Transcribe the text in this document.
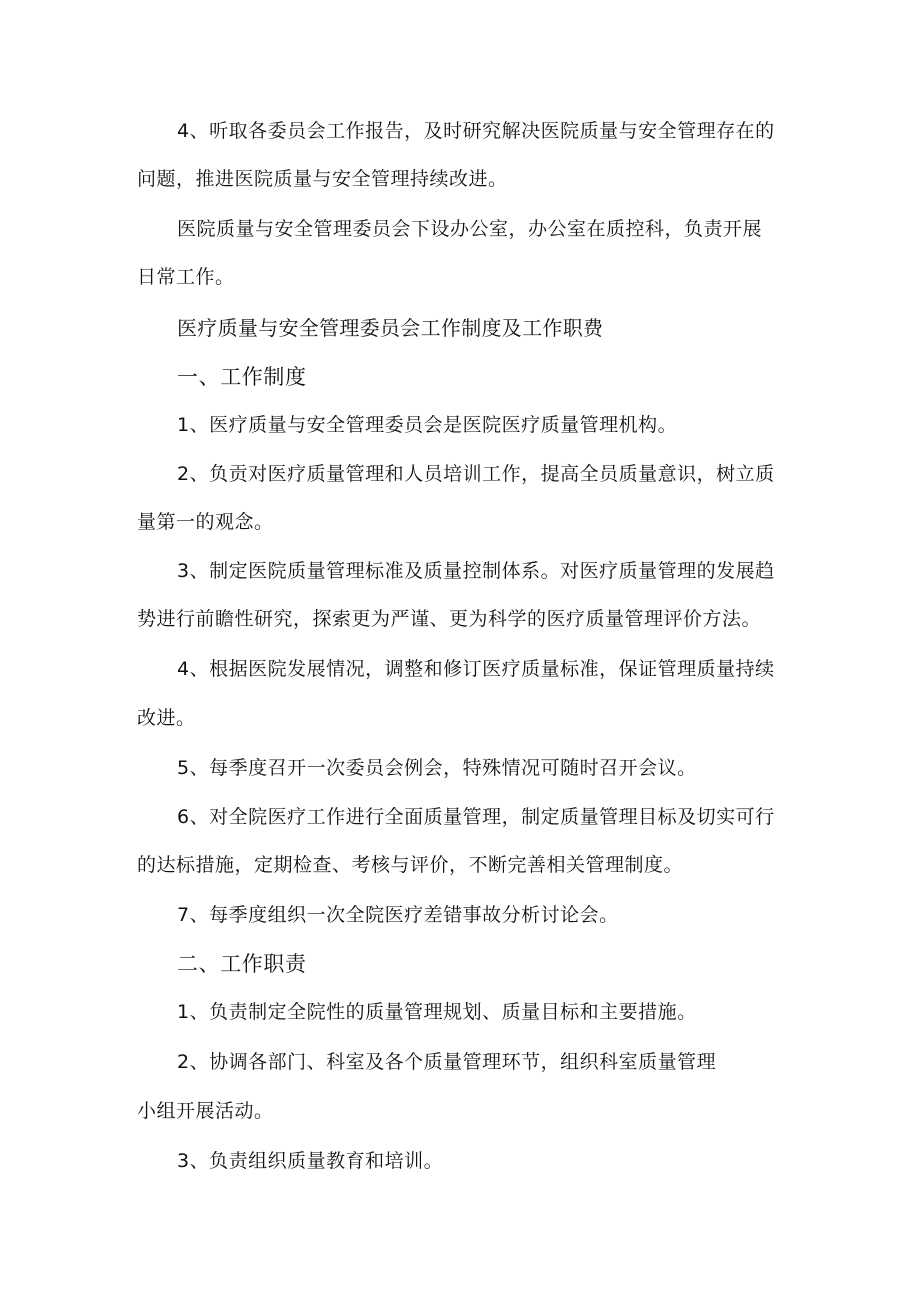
4、听取各委员会工作报告，及时研究解决医院质量与安全管理存在的
问题，推进医院质量与安全管理持续改进。
医院质量与安全管理委员会下设办公室，办公室在质控科，负责开展
日常工作。
医疗质量与安全管理委员会工作制度及工作职费
一、工作制度
1、医疗质量与安全管理委员会是医院医疗质量管理机构。
2、负贡对医疗质量管理和人员培训工作，提高全员质量意识，树立质
量第一的观念。
3、制定医院质量管理标准及质量控制体系。对医疗质量管理的发展趋
势进行前瞻性研究，探索更为严谨、更为科学的医疗质量管理评价方法。
4、根据医院发展情况，调整和修订医疗质量标准，保证管理质量持续
改进。
5、每季度召开一次委员会例会，特殊情况可随时召开会议。
6、对全院医疗工作进行全面质量管理，制定质量管理目标及切实可行
的达标措施，定期检查、考核与评价，不断完善相关管理制度。
7、每季度组织一次全院医疗差错事故分析讨论会。
二、工作职责
1、负责制定全院性的质量管理规划、质量目标和主要措施。
2、协调各部门、科室及各个质量管理环节，组织科室质量管理
小组开展活动。
3、负责组织质量教育和培训。
